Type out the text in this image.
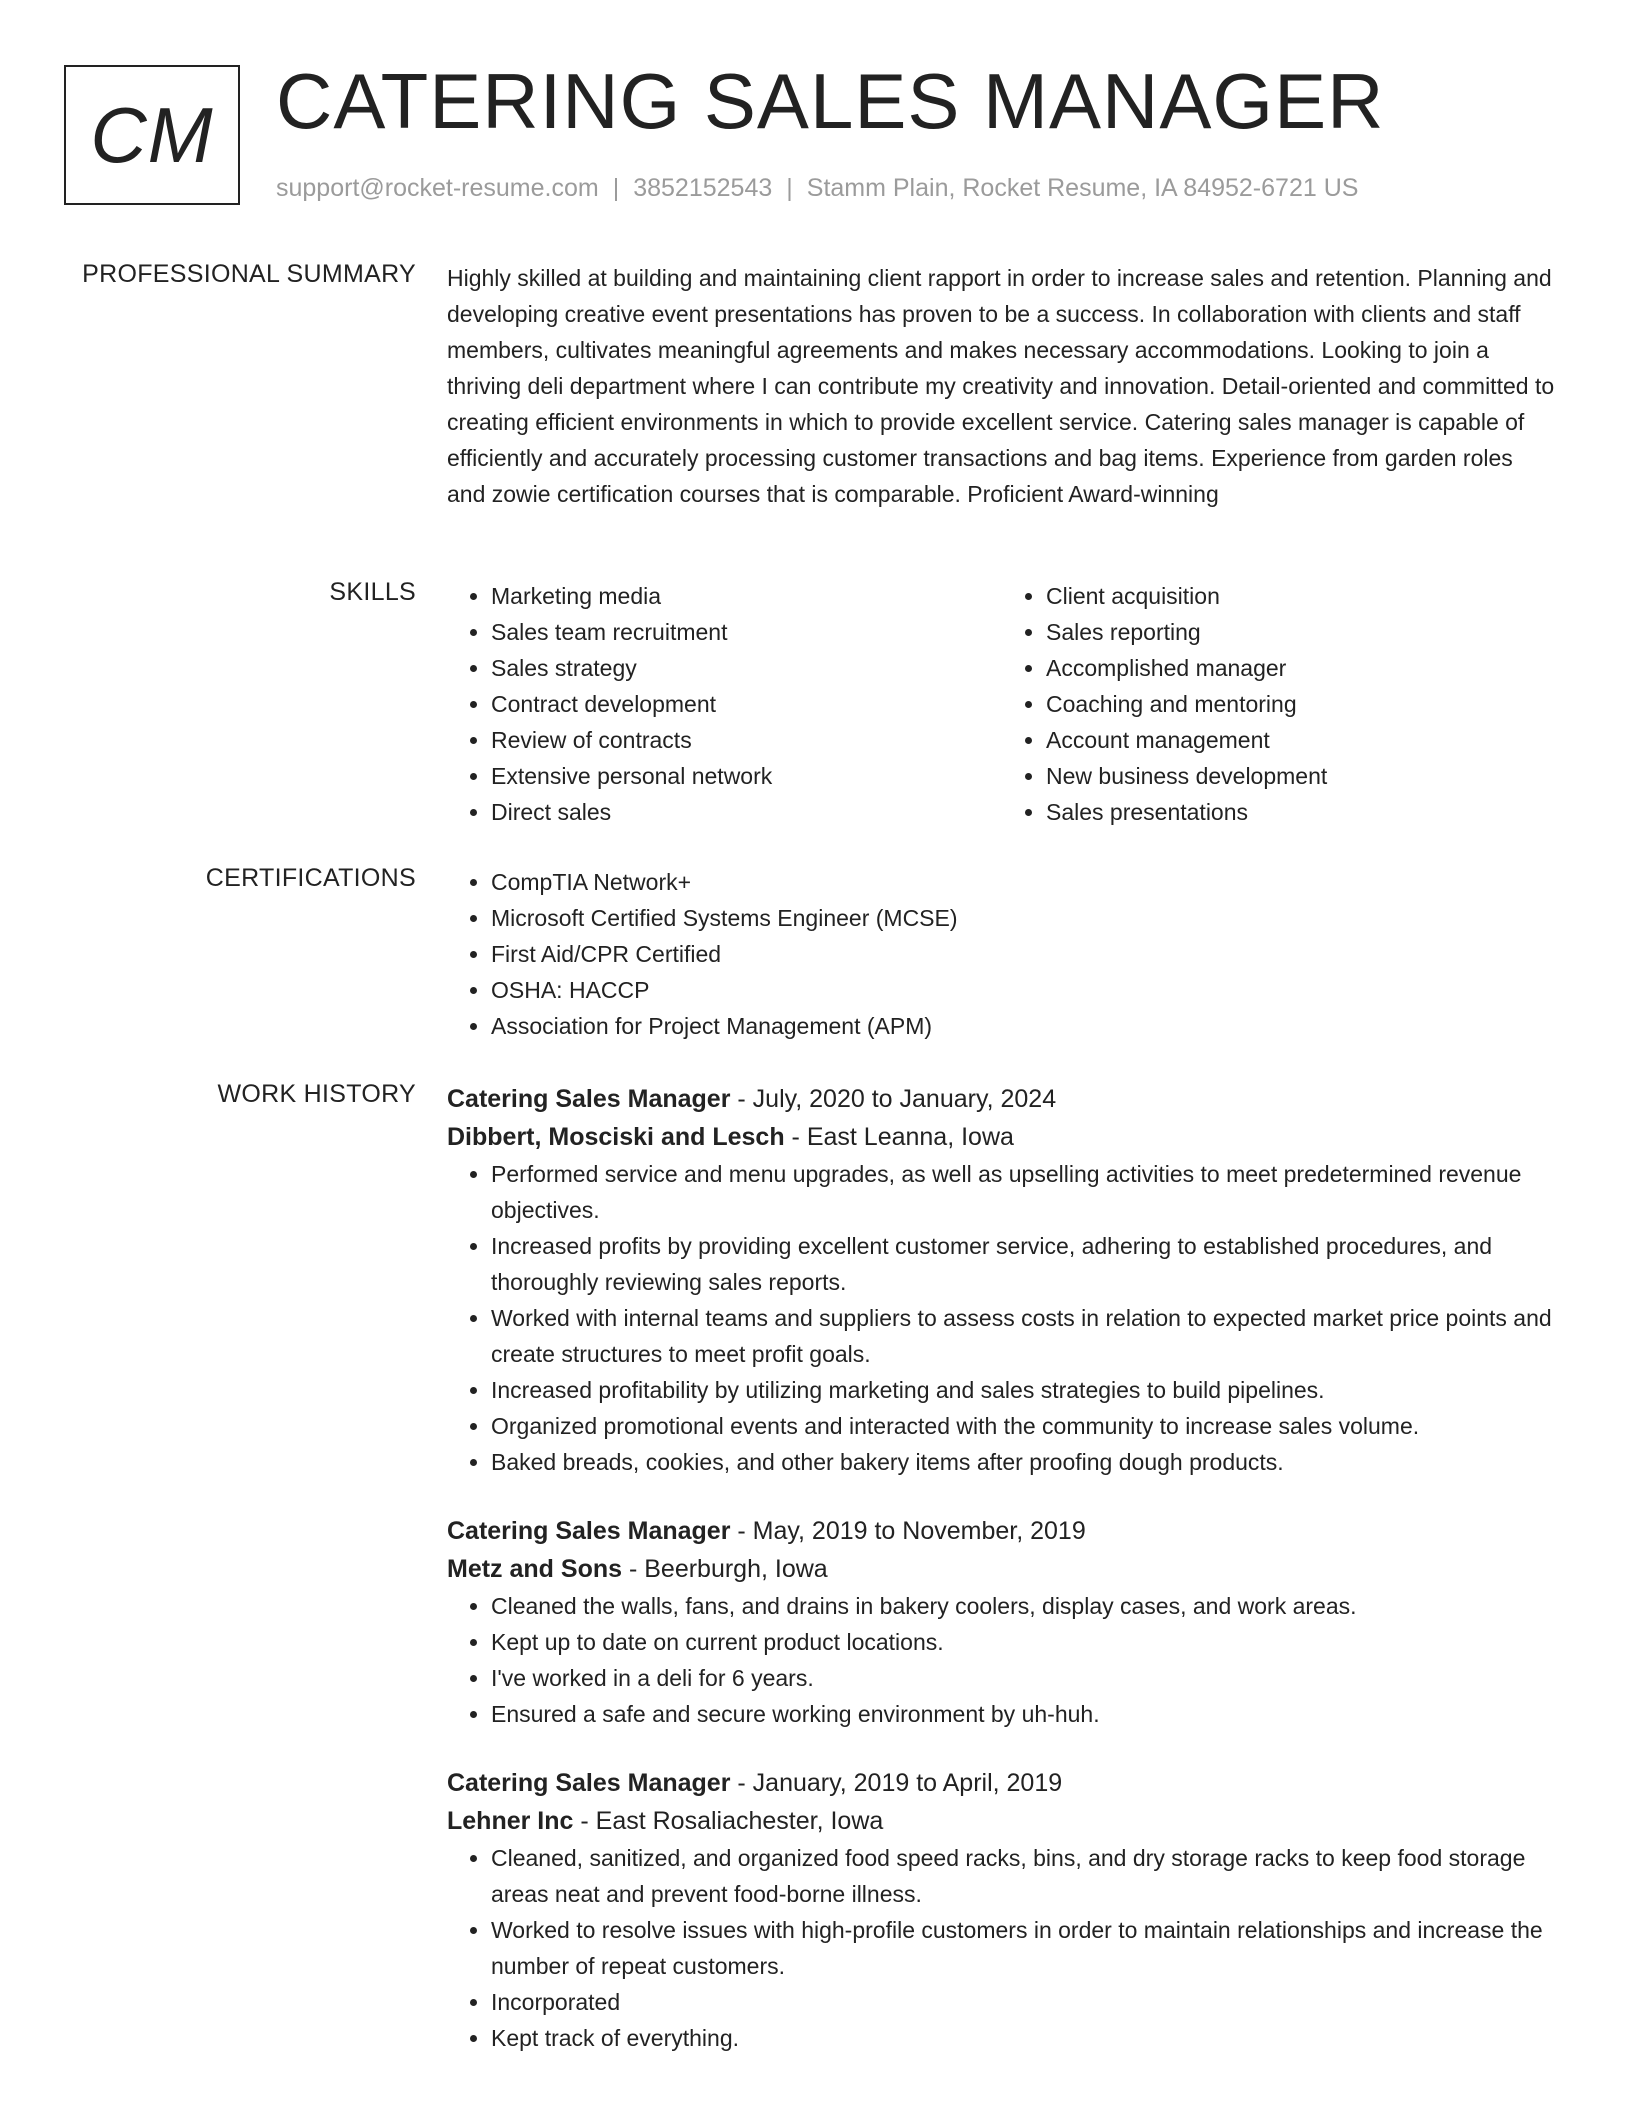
CM CATERING SALES MANAGER
support@rocket-resume.com | 3852152543 | Stamm Plain, Rocket Resume, IA 84952-6721 US
PROFESSIONAL SUMMARY Highly skilled at building and maintaining client rapport in order to increase sales and retention. Planning and developing creative event presentations has proven to be a success. In collaboration with clients and staff members, cultivates meaningful agreements and makes necessary accommodations. Looking to join a thriving deli department where I can contribute my creativity and innovation. Detail-oriented and committed to creating efficient environments in which to provide excellent service. Catering sales manager is capable of efficiently and accurately processing customer transactions and bag items. Experience from garden roles and zowie certification courses that is comparable. Proficient Award-winning

SKILLS	• Marketing media
• Sales team recruitment
• Sales strategy
• Contract development
• Review of contracts
• Extensive personal network
• Direct sales
• Client acquisition
• Sales reporting
• Accomplished manager
• Coaching and mentoring
• Account management
• New business development
• Sales presentations
CERTIFICATIONS	• CompTIA Network+
• Microsoft Certified Systems Engineer (MCSE)
• First Aid/CPR Certified
• OSHA: HACCP
• Association for Project Management (APM)
WORK HISTORY Catering Sales Manager - July, 2020 to January, 2024
Dibbert, Mosciski and Lesch - East Leanna, Iowa
• Performed service and menu upgrades, as well as upselling activities to meet predetermined revenue objectives.
• Increased profits by providing excellent customer service, adhering to established procedures, and thoroughly reviewing sales reports.
• Worked with internal teams and suppliers to assess costs in relation to expected market price points and create structures to meet profit goals.
• Increased profitability by utilizing marketing and sales strategies to build pipelines.
• Organized promotional events and interacted with the community to increase sales volume.
• Baked breads, cookies, and other bakery items after proofing dough products.
Catering Sales Manager - May, 2019 to November, 2019
Metz and Sons - Beerburgh, Iowa
• Cleaned the walls, fans, and drains in bakery coolers, display cases, and work areas.
• Kept up to date on current product locations.
• I've worked in a deli for 6 years.
• Ensured a safe and secure working environment by uh-huh.
Catering Sales Manager - January, 2019 to April, 2019
Lehner Inc - East Rosaliachester, Iowa
• Cleaned, sanitized, and organized food speed racks, bins, and dry storage racks to keep food storage areas neat and prevent food-borne illness.
• Worked to resolve issues with high-profile customers in order to maintain relationships and increase the number of repeat customers.
• Incorporated
• Kept track of everything.
